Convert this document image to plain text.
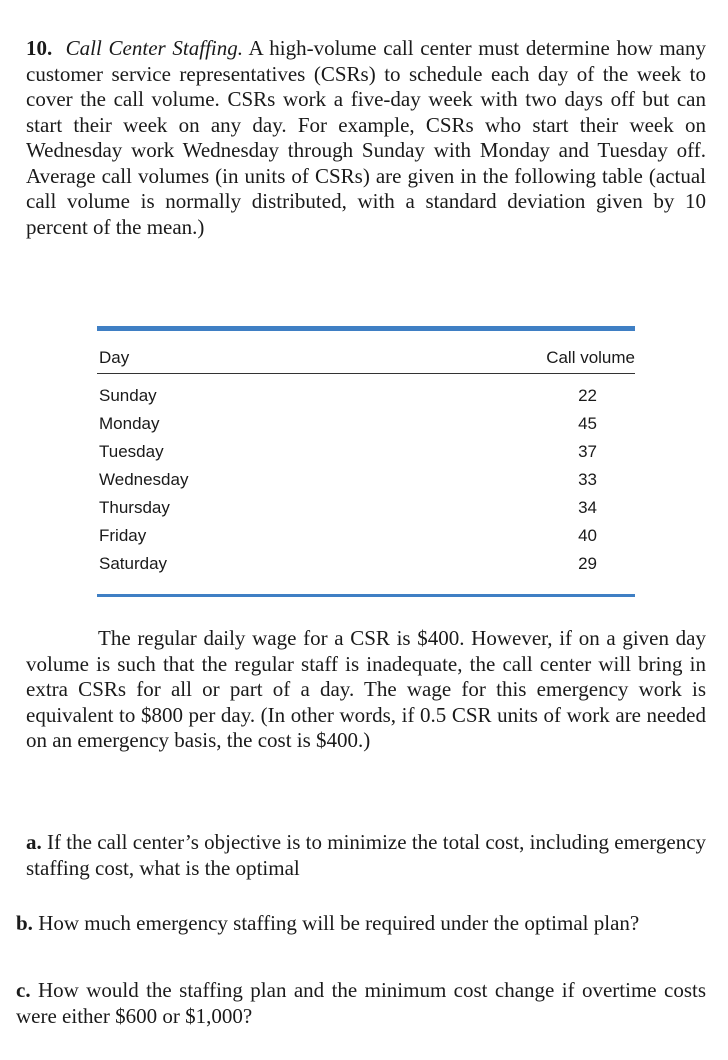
10. Call Center Staffing. A high-volume call center must determine how many customer service representatives (CSRs) to schedule each day of the week to cover the call volume. CSRs work a five-day week with two days off but can start their week on any day. For example, CSRs who start their week on Wednesday work Wednesday through Sunday with Monday and Tuesday off. Average call volumes (in units of CSRs) are given in the following table (actual call volume is normally distributed, with a standard deviation given by 10 percent of the mean.)

Day	Call volume
Sunday	22
Monday	45
Tuesday	37
Wednesday	33
Thursday	34
Friday	40
Saturday	29

The regular daily wage for a CSR is $400. However, if on a given day volume is such that the regular staff is inadequate, the call center will bring in extra CSRs for all or part of a day. The wage for this emergency work is equivalent to $800 per day. (In other words, if 0.5 CSR units of work are needed on an emergency basis, the cost is $400.)

a. If the call center’s objective is to minimize the total cost, including emergency staffing cost, what is the optimal

b. How much emergency staffing will be required under the optimal plan?

c. How would the staffing plan and the minimum cost change if overtime costs were either $600 or $1,000?
